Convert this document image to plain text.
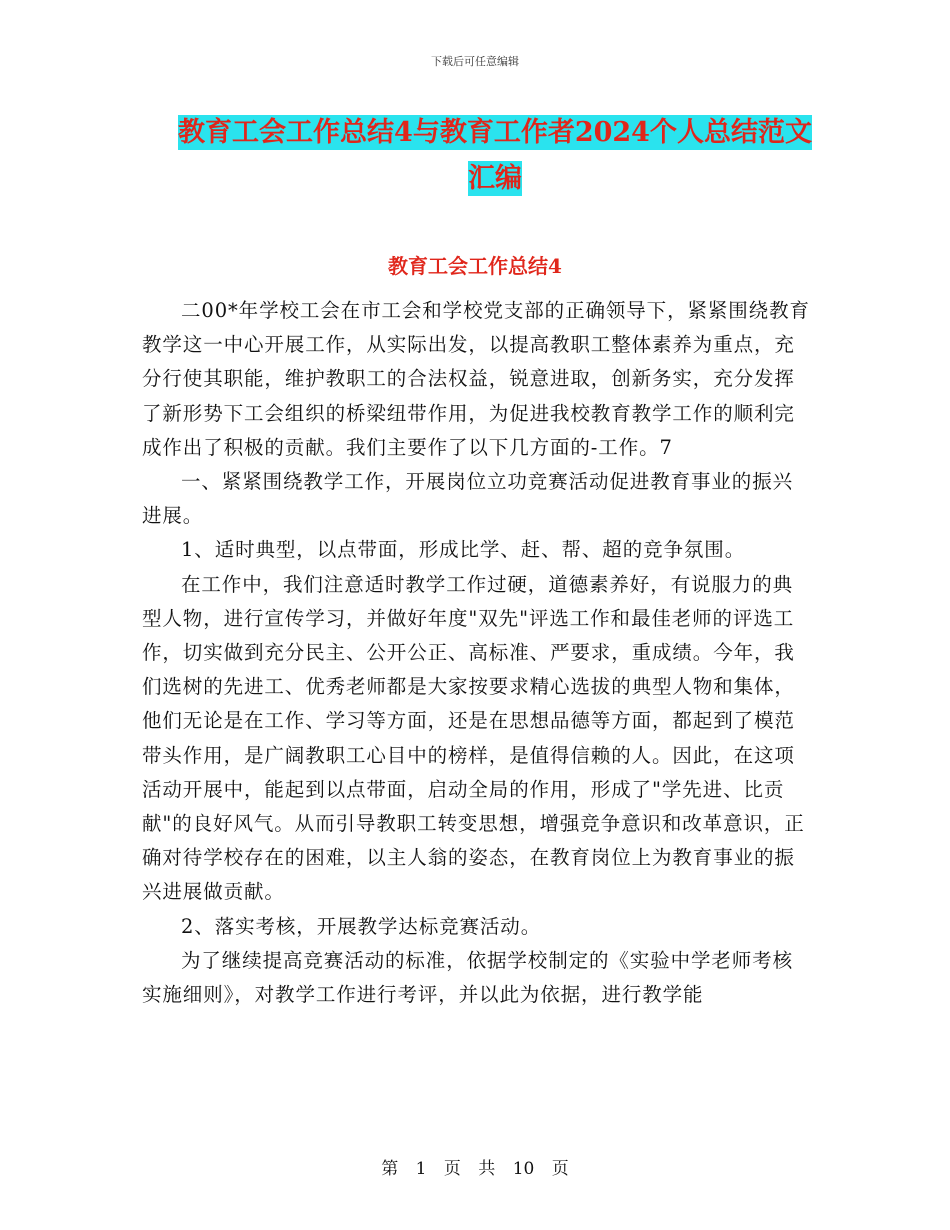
下载后可任意编辑
教育工会工作总结4与教育工作者2024个人总结范文
汇编
教育工会工作总结4

二00*年学校工会在市工会和学校党支部的正确领导下，紧紧围绕教育教学这一中心开展工作，从实际出发，以提高教职工整体素养为重点，充分行使其职能，维护教职工的合法权益，锐意进取，创新务实，充分发挥了新形势下工会组织的桥梁纽带作用，为促进我校教育教学工作的顺利完成作出了积极的贡献。我们主要作了以下几方面的-工作。7

一、紧紧围绕教学工作，开展岗位立功竞赛活动促进教育事业的振兴进展。

1、适时典型，以点带面，形成比学、赶、帮、超的竞争氛围。

在工作中，我们注意适时教学工作过硬，道德素养好，有说服力的典型人物，进行宣传学习，并做好年度"双先"评选工作和最佳老师的评选工作，切实做到充分民主、公开公正、高标准、严要求，重成绩。今年，我们选树的先进工、优秀老师都是大家按要求精心选拔的典型人物和集体，他们无论是在工作、学习等方面，还是在思想品德等方面，都起到了模范带头作用，是广阔教职工心目中的榜样，是值得信赖的人。因此，在这项活动开展中，能起到以点带面，启动全局的作用，形成了"学先进、比贡献"的良好风气。从而引导教职工转变思想，增强竞争意识和改革意识，正确对待学校存在的困难，以主人翁的姿态，在教育岗位上为教育事业的振兴进展做贡献。

2、落实考核，开展教学达标竞赛活动。

为了继续提高竞赛活动的标准，依据学校制定的《实验中学老师考核实施细则》，对教学工作进行考评，并以此为依据，进行教学能

第 1 页 共 10 页
